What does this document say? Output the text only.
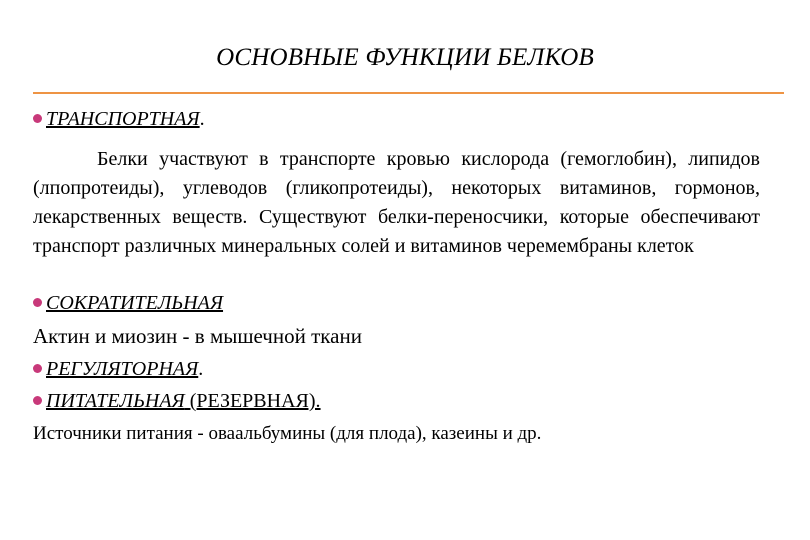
ОСНОВНЫЕ ФУНКЦИИ БЕЛКОВ
ТРАНСПОРТНАЯ.
Белки участвуют в транспорте кровью кислорода (гемоглобин), липидов (лпопротеиды), углеводов (гликопротеиды), некоторых витаминов, гормонов, лекарственных веществ. Существуют белки-переносчики, которые обеспечивают транспорт различных минеральных солей и витаминов черемембраны клеток
СОКРАТИТЕЛЬНАЯ
Актин и миозин - в мышечной ткани
РЕГУЛЯТОРНАЯ.
ПИТАТЕЛЬНАЯ (РЕЗЕРВНАЯ).
Источники питания - оваальбумины (для плода), казеины и др.
